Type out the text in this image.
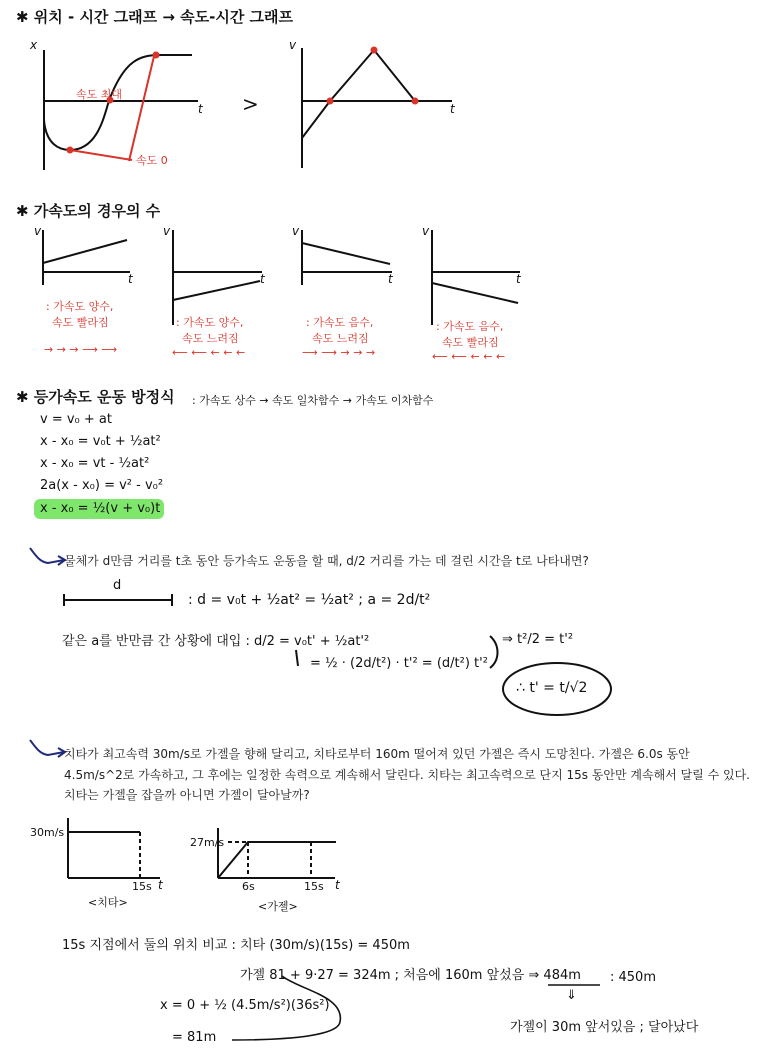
✱ 위치 - 시간 그래프 → 속도-시간 그래프
x
t
v
t
속도 최대
속도 0
>
✱ 가속도의 경우의 수
v
t
: 가속도 양수,
속도 빨라짐
→ → → ⟶ ⟶
v
t
: 가속도 양수,
속도 느려짐
⟵ ⟵ ← ← ←
v
t
: 가속도 음수,
속도 느려짐
⟶ ⟶ → → →
v
t
: 가속도 음수,
속도 빨라짐
⟵ ⟵ ← ← ←
✱ 등가속도 운동 방정식 : 가속도 상수 → 속도 일차함수 → 가속도 이차함수
v = v₀ + at
x - x₀ = v₀t + ½at²
x - x₀ = vt - ½at²
2a(x - x₀) = v² - v₀²
x - x₀ = ½(v + v₀)t
물체가 d만큼 거리를 t초 동안 등가속도 운동을 할 때, d/2 거리를 가는 데 걸린 시간을 t로 나타내면?
d
: d = v₀t + ½at² = ½at² ; a = 2d/t²
같은 a를 반만큼 간 상황에 대입 : d/2 = v₀t' + ½at'²
= ½ · (2d/t²) · t'² = (d/t²) t'²
⇒ t²/2 = t'²
∴ t' = t/√2
치타가 최고속력 30m/s로 가젤을 향해 달리고, 치타로부터 160m 떨어져 있던 가젤은 즉시 도망친다. 가젤은 6.0s 동안
4.5m/s^2로 가속하고, 그 후에는 일정한 속력으로 계속해서 달린다. 치타는 최고속력으로 단지 15s 동안만 계속해서 달릴 수 있다.
치타는 가젤을 잡을까 아니면 가젤이 달아날까?
30m/s
15s t
<치타>
27m/s
6s	15s t
<가젤>
15s 지점에서 둘의 위치 비교 : 치타 (30m/s)(15s) = 450m
가젤 81 + 9·27 = 324m ; 처음에 160m 앞섰음 ⇒ 484m : 450m
x = 0 + ½ (4.5m/s²)(36s²)
= 81m
⇓
가젤이 30m 앞서있음 ; 달아났다
